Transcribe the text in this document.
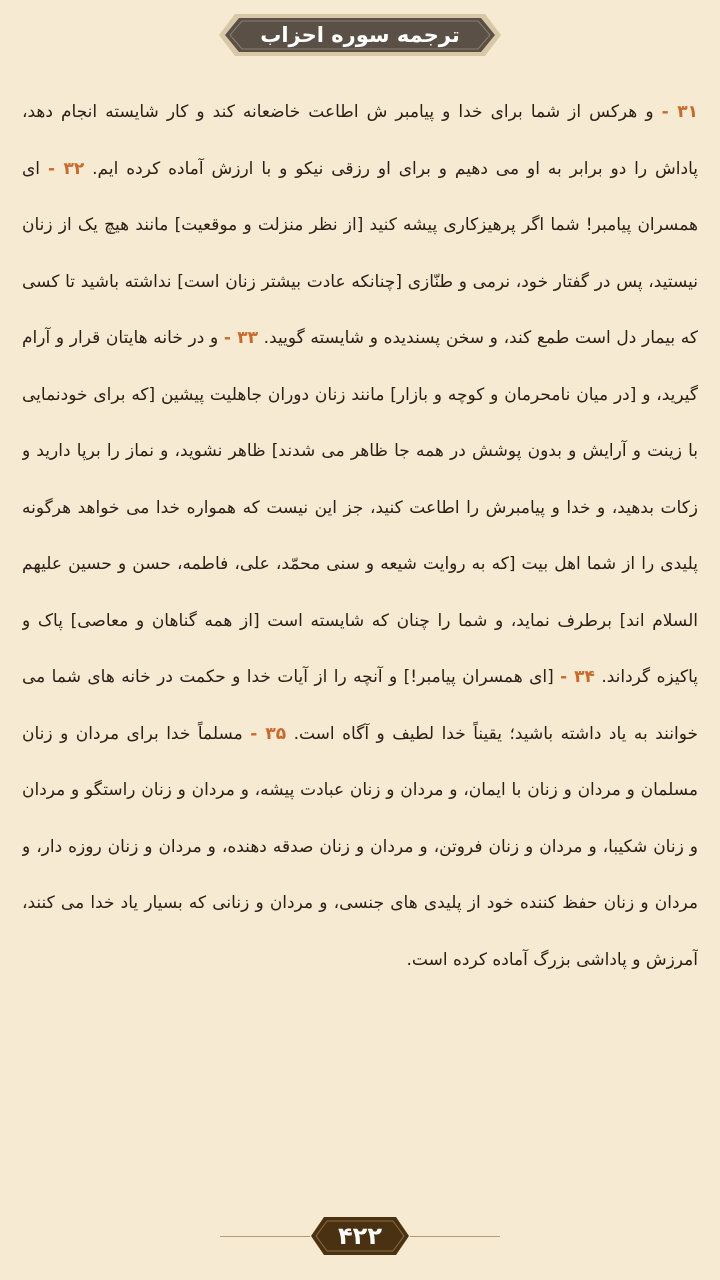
ترجمه سوره احزاب

۳۱ - و هرکس از شما برای خدا و پیامبر ش اطاعت خاضعانه کند و کار شایسته انجام دهد، پاداش را دو برابر به او می دهیم و برای او رزقی نیکو و با ارزش آماده کرده ایم.

۳۲ - ای همسران پیامبر! شما اگر پرهیزکاری پیشه کنید [از نظر منزلت و موقعیت] مانند هیچ یک از زنان نیستید، پس در گفتار خود، نرمی و طنّازی [چنانکه عادت بیشتر زنان است] نداشته باشید تا کسی که بیمار دل است طمع کند، و سخن پسندیده و شایسته گویید.

۳۳ - و در خانه هایتان قرار و آرام گیرید، و [در میان نامحرمان و کوچه و بازار] مانند زنان دوران جاهلیت پیشین [که برای خودنمایی با زینت و آرایش و بدون پوشش در همه جا ظاهر می شدند] ظاهر نشوید، و نماز را برپا دارید و زکات بدهید، و خدا و پیامبرش را اطاعت کنید، جز این نیست که همواره خدا می خواهد هرگونه پلیدی را از شما اهل بیت [که به روایت شیعه و سنی محمّد، علی، فاطمه، حسن و حسین علیهم السلام اند] برطرف نماید، و شما را چنان که شایسته است [از همه گناهان و معاصی] پاک و پاکیزه گرداند.

۳۴ - [ای همسران پیامبر!] و آنچه را از آیات خدا و حکمت در خانه های شما می خوانند به یاد داشته باشید؛ یقیناً خدا لطیف و آگاه است.

۳۵ - مسلماً خدا برای مردان و زنان مسلمان و مردان و زنان با ایمان، و مردان و زنان عبادت پیشه، و مردان و زنان راستگو و مردان و زنان شکیبا، و مردان و زنان فروتن، و مردان و زنان صدقه دهنده، و مردان و زنان روزه دار، و مردان و زنان حفظ کننده خود از پلیدی های جنسی، و مردان و زنانی که بسیار یاد خدا می کنند، آمرزش و پاداشی بزرگ آماده کرده است.

۴۲۲
